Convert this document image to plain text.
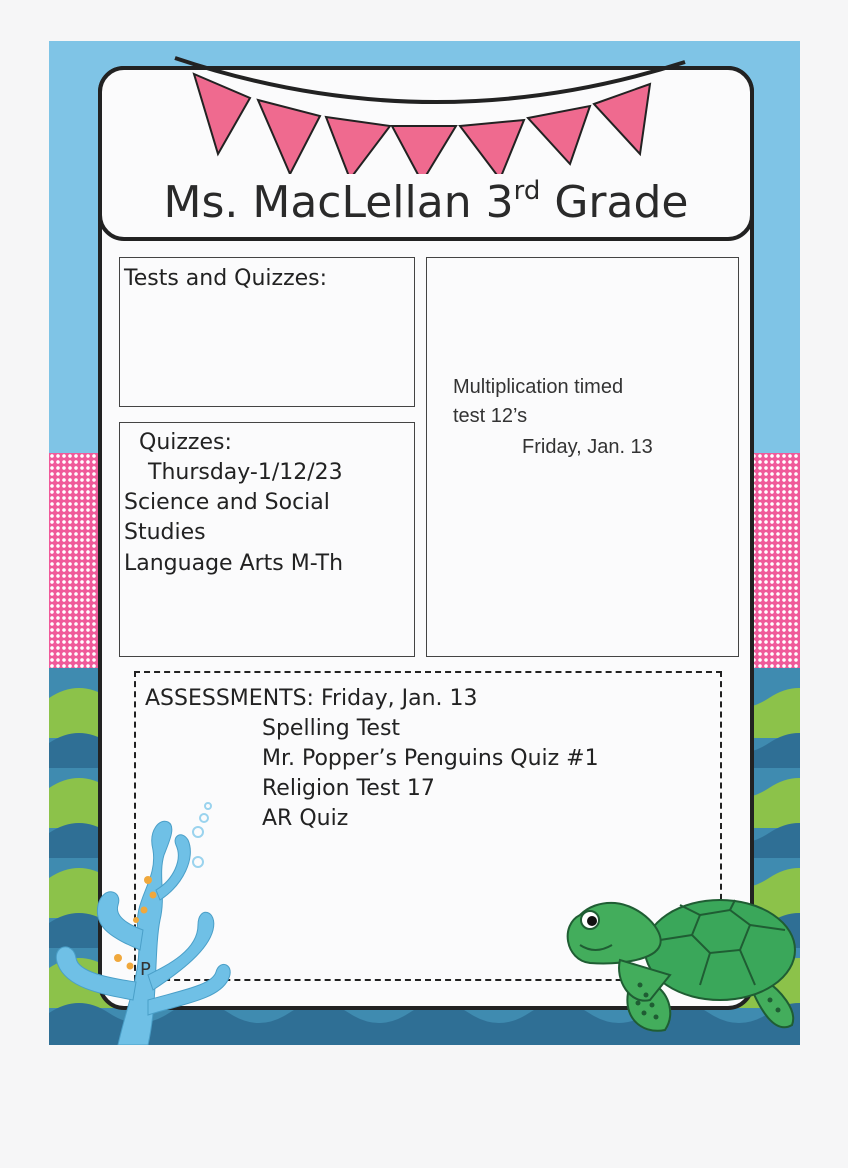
Ms. MacLellan 3rd Grade
Tests and Quizzes:
Quizzes:
Thursday-1/12/23
Science and Social
Studies
Language Arts M-Th
Multiplication timed
test 12’s
Friday, Jan. 13
ASSESSMENTS: Friday, Jan. 13
Spelling Test
Mr. Popper’s Penguins Quiz #1
Religion Test 17
AR Quiz
P
